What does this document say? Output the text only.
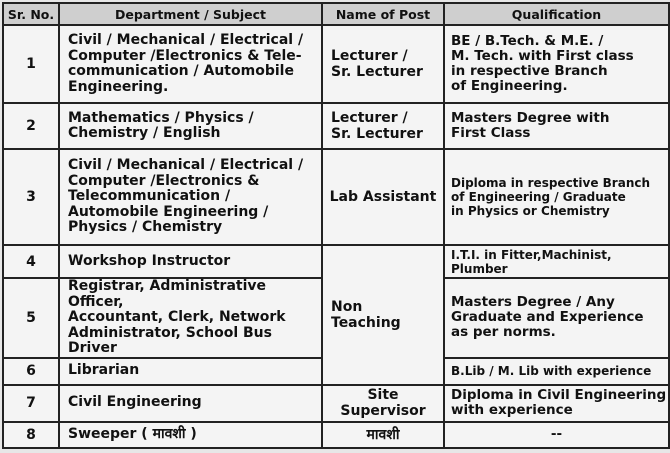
Sr. No.	Department / Subject	Name of Post	Qualification
1	Civil / Mechanical / Electrical /
Computer /Electronics & Tele-
communication / Automobile
Engineering.	Lecturer /
Sr. Lecturer	BE / B.Tech. & M.E. /
M. Tech. with First class
in respective Branch
of Engineering.
2	Mathematics / Physics /
Chemistry / English	Lecturer /
Sr. Lecturer	Masters Degree with
First Class
3	Civil / Mechanical / Electrical /
Computer /Electronics &
Telecommunication /
Automobile Engineering /
Physics / Chemistry	Lab Assistant	Diploma in respective Branch
of Engineering / Graduate
in Physics or Chemistry
4	Workshop Instructor	Non
Teaching	I.T.I. in Fitter,Machinist,
Plumber
5	Registrar, Administrative Officer,
Accountant, Clerk, Network
Administrator, School Bus Driver		Masters Degree / Any
Graduate and Experience
as per norms.
6	Librarian		B.Lib / M. Lib with experience
7	Civil Engineering	Site Supervisor	Diploma in Civil Engineering
with experience
8	Sweeper ( मावशी )	मावशी	--
